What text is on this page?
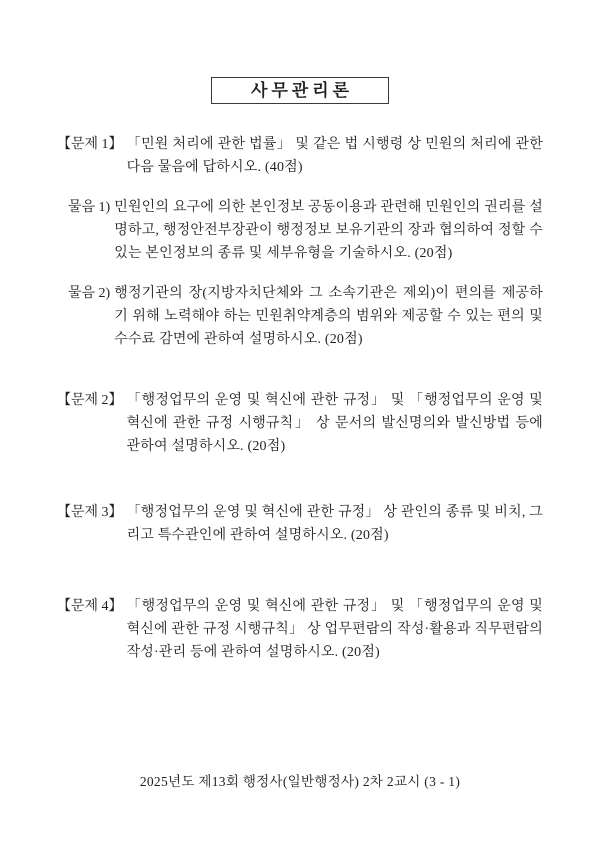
사무관리론
【문제 1】 「민원 처리에 관한 법률」 및 같은 법 시행령 상 민원의 처리에 관한 다음 물음에 답하시오. (40점)
물음 1) 민원인의 요구에 의한 본인정보 공동이용과 관련해 민원인의 권리를 설명하고, 행정안전부장관이 행정정보 보유기관의 장과 협의하여 정할 수 있는 본인정보의 종류 및 세부유형을 기술하시오. (20점)
물음 2) 행정기관의 장(지방자치단체와 그 소속기관은 제외)이 편의를 제공하기 위해 노력해야 하는 민원취약계층의 범위와 제공할 수 있는 편의 및 수수료 감면에 관하여 설명하시오. (20점)
【문제 2】 「행정업무의 운영 및 혁신에 관한 규정」 및 「행정업무의 운영 및 혁신에 관한 규정 시행규칙」 상 문서의 발신명의와 발신방법 등에 관하여 설명하시오. (20점)
【문제 3】 「행정업무의 운영 및 혁신에 관한 규정」 상 관인의 종류 및 비치, 그리고 특수관인에 관하여 설명하시오. (20점)
【문제 4】 「행정업무의 운영 및 혁신에 관한 규정」 및 「행정업무의 운영 및 혁신에 관한 규정 시행규칙」 상 업무편람의 작성·활용과 직무편람의 작성·관리 등에 관하여 설명하시오. (20점)
2025년도 제13회 행정사(일반행정사) 2차 2교시 (3 - 1)
